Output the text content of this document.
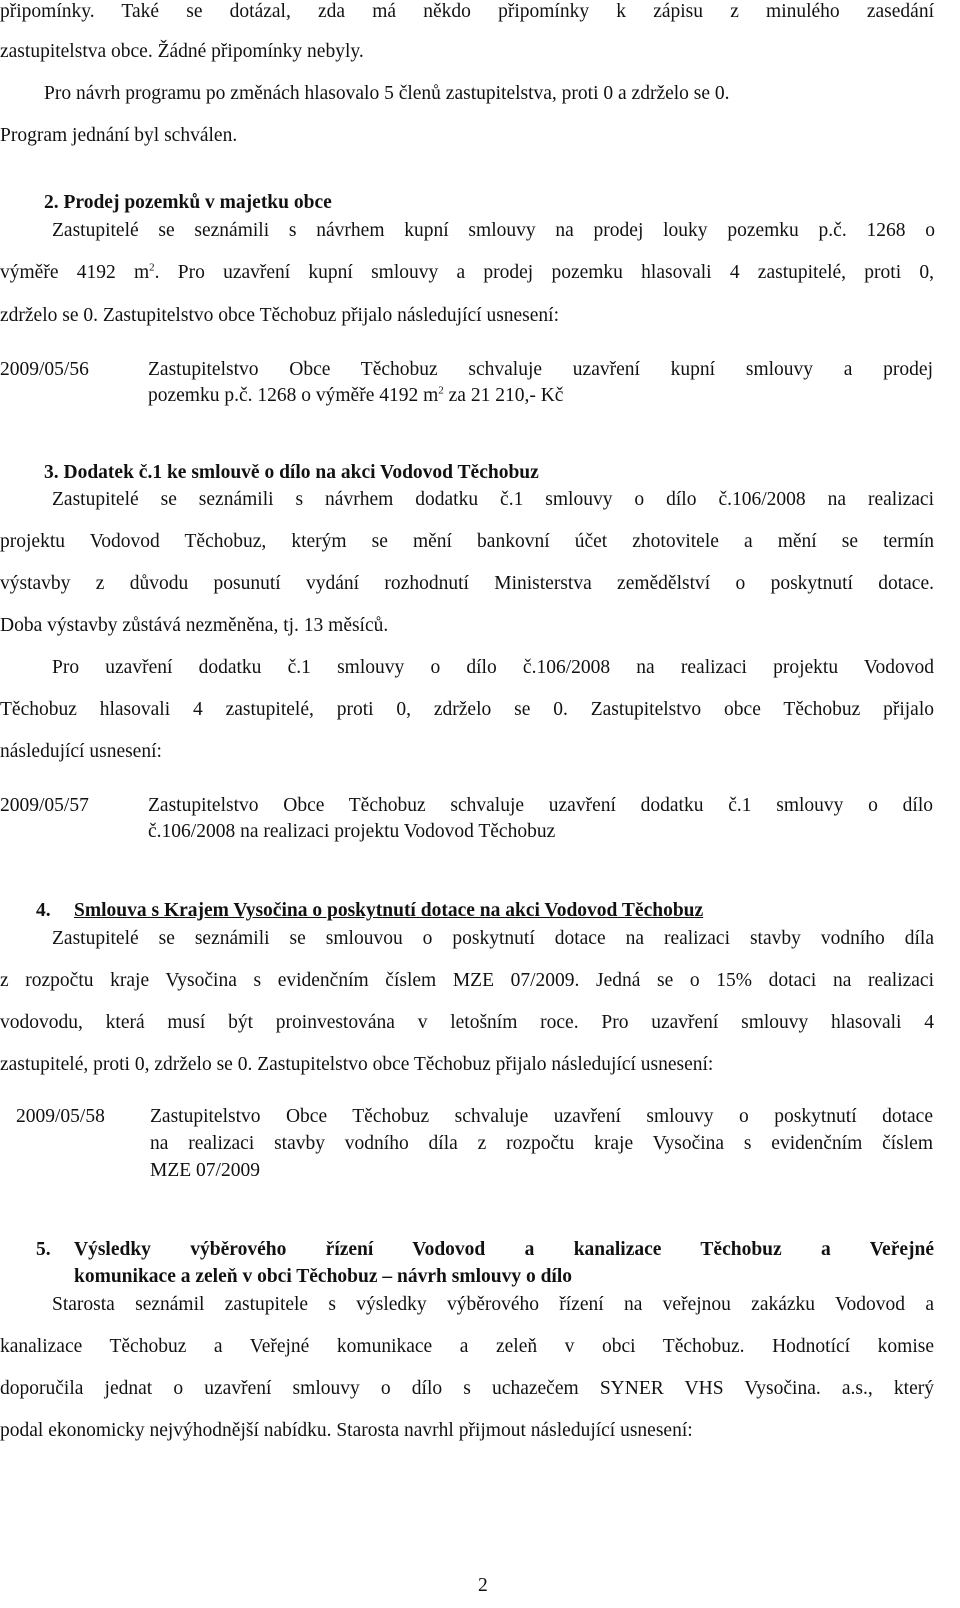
připomínky. Také se dotázal, zda má někdo připomínky k zápisu z minulého zasedání
zastupitelstva obce. Žádné připomínky nebyly.
Pro návrh programu po změnách hlasovalo 5 členů zastupitelstva, proti 0 a zdrželo se 0.
Program jednání byl schválen.
2. Prodej pozemků v majetku obce
Zastupitelé se seznámili s návrhem kupní smlouvy na prodej louky pozemku p.č. 1268 o
výměře 4192 $m^2$. Pro uzavření kupní smlouvy a prodej pozemku hlasovali 4 zastupitelé, proti 0,
zdrželo se 0. Zastupitelstvo obce Těchobuz přijalo následující usnesení:
2009/05/56	Zastupitelstvo Obce Těchobuz schvaluje uzavření kupní smlouvy a prodej
pozemku p.č. 1268 o výměře 4192 $m^2$ za 21 210,- Kč
3. Dodatek č.1 ke smlouvě o dílo na akci Vodovod Těchobuz
Zastupitelé se seznámili s návrhem dodatku č.1 smlouvy o dílo č.106/2008 na realizaci
projektu Vodovod Těchobuz, kterým se mění bankovní účet zhotovitele a mění se termín
výstavby z důvodu posunutí vydání rozhodnutí Ministerstva zemědělství o poskytnutí dotace.
Doba výstavby zůstává nezměněna, tj. 13 měsíců.
Pro uzavření dodatku č.1 smlouvy o dílo č.106/2008 na realizaci projektu Vodovod
Těchobuz hlasovali 4 zastupitelé, proti 0, zdrželo se 0. Zastupitelstvo obce Těchobuz přijalo
následující usnesení:
2009/05/57	Zastupitelstvo Obce Těchobuz schvaluje uzavření dodatku č.1 smlouvy o dílo
č.106/2008 na realizaci projektu Vodovod Těchobuz
4. Smlouva s Krajem Vysočina o poskytnutí dotace na akci Vodovod Těchobuz
Zastupitelé se seznámili se smlouvou o poskytnutí dotace na realizaci stavby vodního díla
z rozpočtu kraje Vysočina s evidenčním číslem MZE 07/2009. Jedná se o 15% dotaci na realizaci
vodovodu, která musí být proinvestována v letošním roce. Pro uzavření smlouvy hlasovali 4
zastupitelé, proti 0, zdrželo se 0. Zastupitelstvo obce Těchobuz přijalo následující usnesení:
2009/05/58 Zastupitelstvo Obce Těchobuz schvaluje uzavření smlouvy o poskytnutí dotace
na realizaci stavby vodního díla z rozpočtu kraje Vysočina s evidenčním číslem
MZE 07/2009
5. Výsledky výběrového řízení Vodovod a kanalizace Těchobuz a Veřejné
komunikace a zeleň v obci Těchobuz – návrh smlouvy o dílo
Starosta seznámil zastupitele s výsledky výběrového řízení na veřejnou zakázku Vodovod a
kanalizace Těchobuz a Veřejné komunikace a zeleň v obci Těchobuz. Hodnotící komise
doporučila jednat o uzavření smlouvy o dílo s uchazečem SYNER VHS Vysočina. a.s., který
podal ekonomicky nejvýhodnější nabídku. Starosta navrhl přijmout následující usnesení:
2
